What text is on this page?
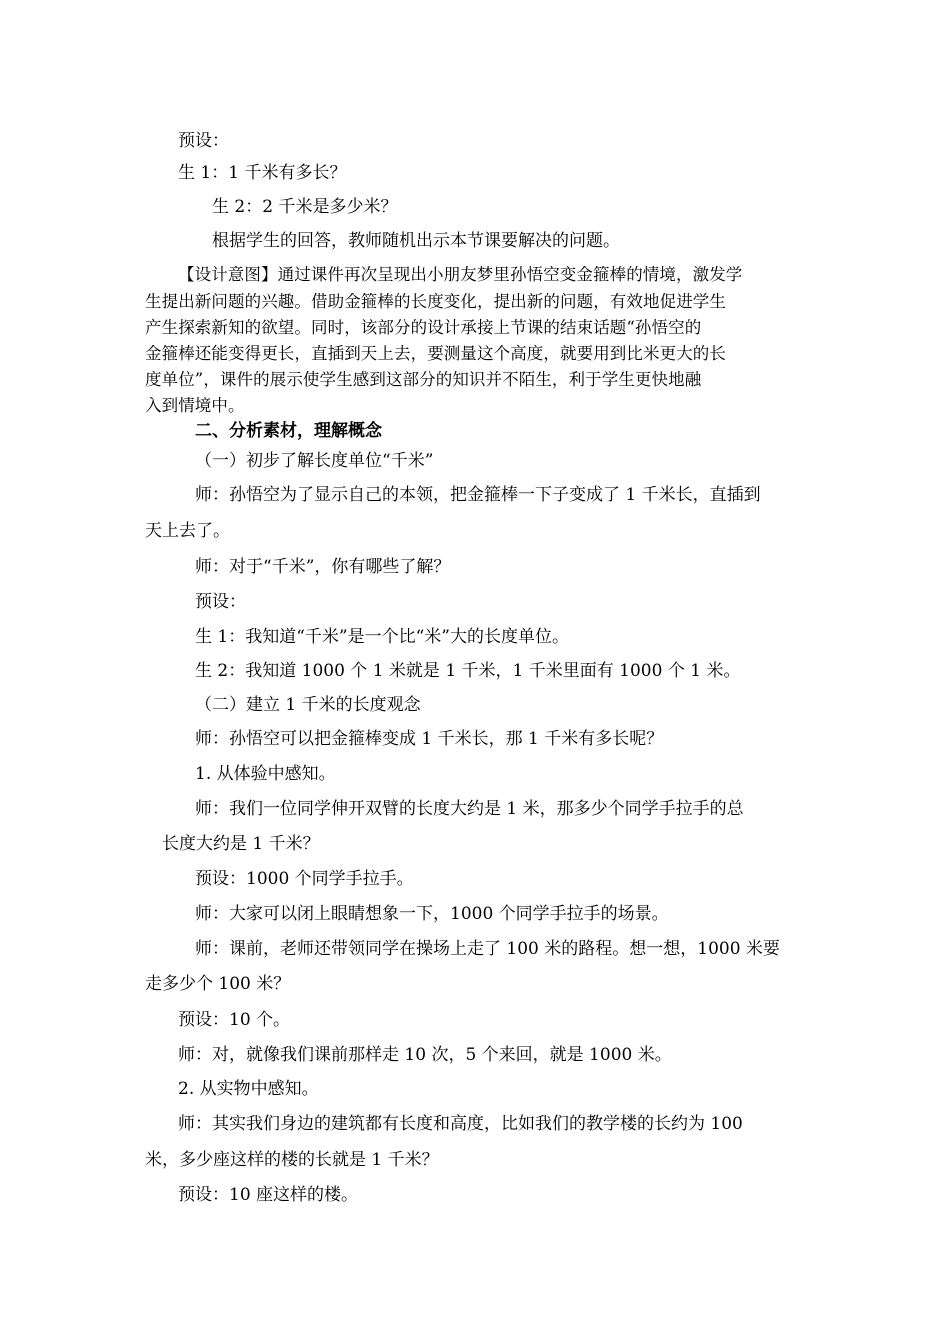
预设：
生 1：1 千米有多长？
生 2：2 千米是多少米？
根据学生的回答，教师随机出示本节课要解决的问题。
【设计意图】通过课件再次呈现出小朋友梦里孙悟空变金箍棒的情境，激发学
生提出新问题的兴趣。借助金箍棒的长度变化，提出新的问题，有效地促进学生
产生探索新知的欲望。同时，该部分的设计承接上节课的结束话题“孙悟空的
金箍棒还能变得更长，直插到天上去，要测量这个高度，就要用到比米更大的长
度单位”，课件的展示使学生感到这部分的知识并不陌生，利于学生更快地融
入到情境中。
二、分析素材，理解概念
（一）初步了解长度单位“千米”
师：孙悟空为了显示自己的本领，把金箍棒一下子变成了 1 千米长，直插到
天上去了。
师：对于“千米”，你有哪些了解？
预设：
生 1：我知道“千米”是一个比“米”大的长度单位。
生 2：我知道 1000 个 1 米就是 1 千米，1 千米里面有 1000 个 1 米。
（二）建立 1 千米的长度观念
师：孙悟空可以把金箍棒变成 1 千米长，那 1 千米有多长呢？
1. 从体验中感知。
师：我们一位同学伸开双臂的长度大约是 1 米，那多少个同学手拉手的总
长度大约是 1 千米？
预设：1000 个同学手拉手。
师：大家可以闭上眼睛想象一下，1000 个同学手拉手的场景。
师：课前，老师还带领同学在操场上走了 100 米的路程。想一想，1000 米要
走多少个 100 米？
预设：10 个。
师：对，就像我们课前那样走 10 次，5 个来回，就是 1000 米。
2. 从实物中感知。
师：其实我们身边的建筑都有长度和高度，比如我们的教学楼的长约为 100
米，多少座这样的楼的长就是 1 千米？
预设：10 座这样的楼。
